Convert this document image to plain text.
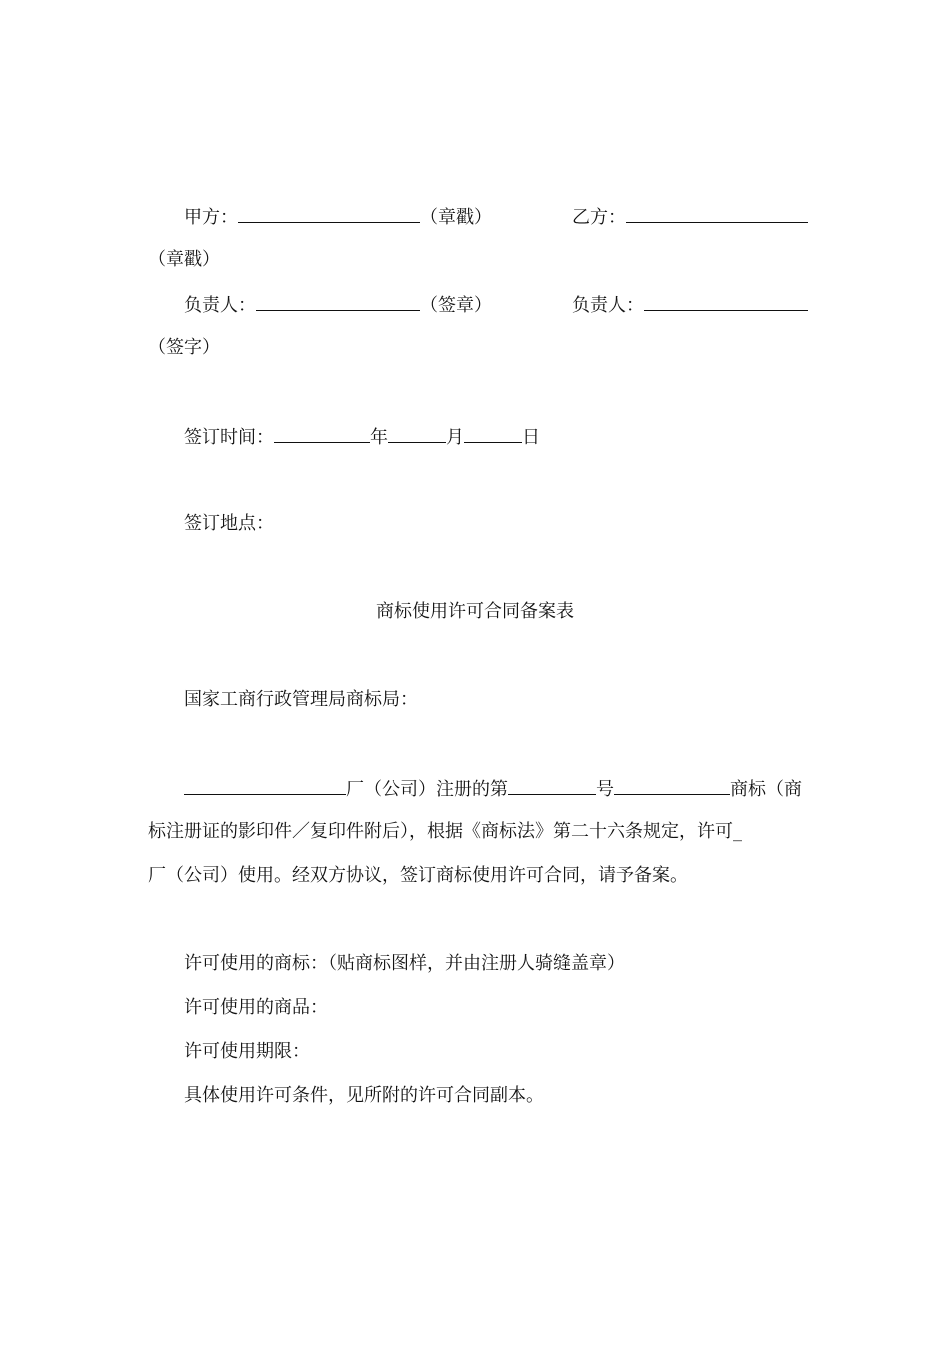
甲方：	（章戳）	乙方：
（章戳）
负责人：	（签章）	负责人：
（签字）
签订时间：	年	月	日
签订地点：
商标使用许可合同备案表
国家工商行政管理局商标局：
厂（公司）注册的第	号	商标（商
标注册证的影印件／复印件附后），根据《商标法》第二十六条规定，许可_
厂（公司）使用。经双方协议，签订商标使用许可合同，请予备案。
许可使用的商标：（贴商标图样，并由注册人骑缝盖章）
许可使用的商品：
许可使用期限：
具体使用许可条件，见所附的许可合同副本。
